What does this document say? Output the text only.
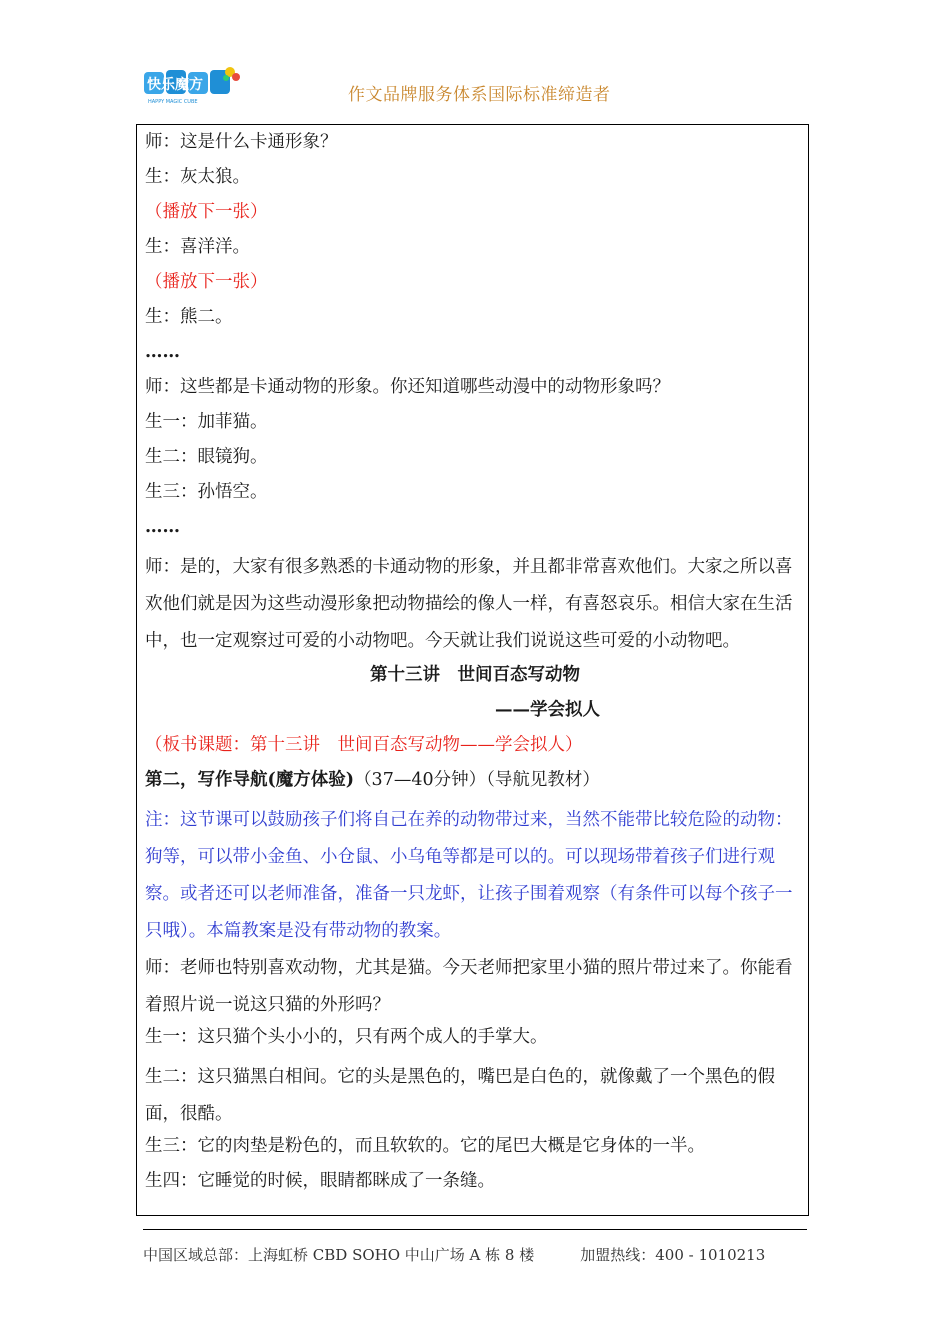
快乐魔方
HAPPY MAGIC CUBE	作文品牌服务体系国际标准缔造者
师：这是什么卡通形象？
生：灰太狼。
（播放下一张）
生：喜洋洋。
（播放下一张）
生：熊二。
……
师：这些都是卡通动物的形象。你还知道哪些动漫中的动物形象吗？
生一：加菲猫。
生二：眼镜狗。
生三：孙悟空。
……
师：是的，大家有很多熟悉的卡通动物的形象，并且都非常喜欢他们。大家之所以喜欢他们就是因为这些动漫形象把动物描绘的像人一样，有喜怒哀乐。相信大家在生活中，也一定观察过可爱的小动物吧。今天就让我们说说这些可爱的小动物吧。
第十三讲　世间百态写动物
——学会拟人
（板书课题：第十三讲　世间百态写动物——学会拟人）
第二，写作导航(魔方体验)（37—40分钟）（导航见教材）
注：这节课可以鼓励孩子们将自己在养的动物带过来，当然不能带比较危险的动物：狗等，可以带小金鱼、小仓鼠、小乌龟等都是可以的。可以现场带着孩子们进行观察。或者还可以老师准备，准备一只龙虾，让孩子围着观察（有条件可以每个孩子一只哦）。本篇教案是没有带动物的教案。
师：老师也特别喜欢动物，尤其是猫。今天老师把家里小猫的照片带过来了。你能看着照片说一说这只猫的外形吗？
生一：这只猫个头小小的，只有两个成人的手掌大。
生二：这只猫黑白相间。它的头是黑色的，嘴巴是白色的，就像戴了一个黑色的假面，很酷。
生三：它的肉垫是粉色的，而且软软的。它的尾巴大概是它身体的一半。
生四：它睡觉的时候，眼睛都眯成了一条缝。
中国区域总部：上海虹桥 CBD SOHO 中山广场 A 栋 8 楼	加盟热线：400 - 1010213
